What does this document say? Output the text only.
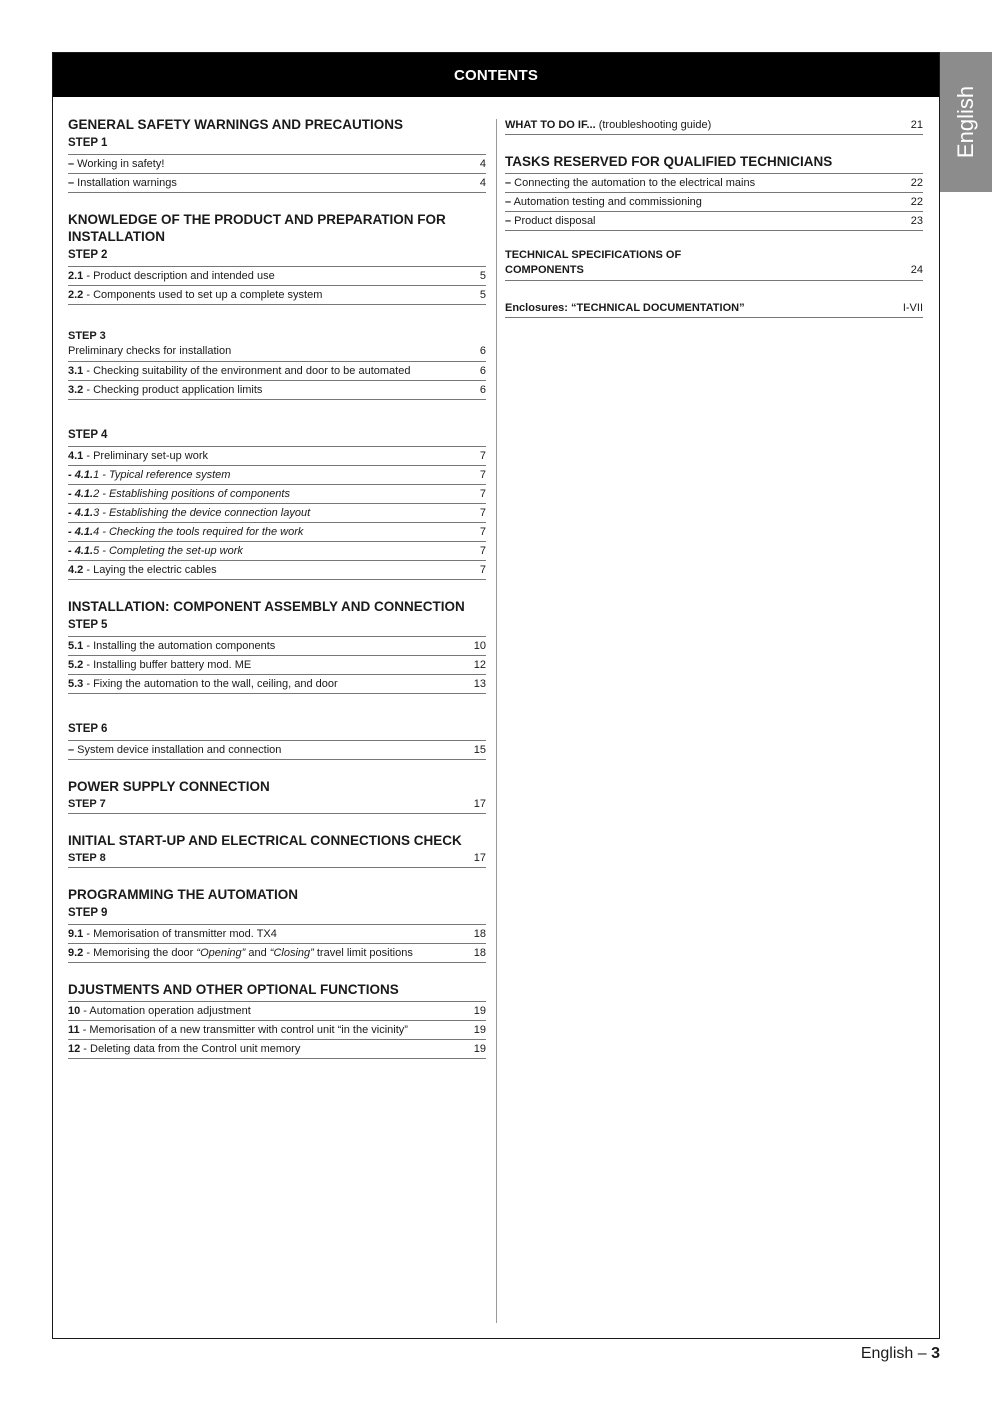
CONTENTS
English
GENERAL SAFETY WARNINGS AND PRECAUTIONS
STEP 1
– Working in safety!	4
– Installation warnings	4
KNOWLEDGE OF THE PRODUCT AND PREPARATION FOR INSTALLATION
STEP 2
2.1 - Product description and intended use	5
2.2 - Components used to set up a complete system	5
STEP 3
Preliminary checks for installation	6
3.1 - Checking suitability of the environment and door to be automated	6
3.2 - Checking product application limits	6
STEP 4
4.1 - Preliminary set-up work	7
- 4.1.1 - Typical reference system	7
- 4.1.2 - Establishing positions of components	7
- 4.1.3 - Establishing the device connection layout	7
- 4.1.4 - Checking the tools required for the work	7
- 4.1.5 - Completing the set-up work	7
4.2 - Laying the electric cables	7
INSTALLATION: COMPONENT ASSEMBLY AND CONNECTION
STEP 5
5.1 - Installing the automation components	10
5.2 - Installing buffer battery mod. ME	12
5.3 - Fixing the automation to the wall, ceiling, and door	13
STEP 6
– System device installation and connection	15
POWER SUPPLY CONNECTION
STEP 7	17
INITIAL START-UP AND ELECTRICAL CONNECTIONS CHECK
STEP 8	17
PROGRAMMING THE AUTOMATION
STEP 9
9.1 - Memorisation of transmitter mod. TX4	18
9.2 - Memorising the door “Opening” and “Closing” travel limit positions	18
DJUSTMENTS AND OTHER OPTIONAL FUNCTIONS
10 - Automation operation adjustment	19
11 - Memorisation of a new transmitter with control unit “in the vicinity”	19
12 - Deleting data from the Control unit memory	19
WHAT TO DO IF... (troubleshooting guide)	21
TASKS RESERVED FOR QUALIFIED TECHNICIANS
– Connecting the automation to the electrical mains	22
– Automation testing and commissioning	22
– Product disposal	23
TECHNICAL SPECIFICATIONS OF
COMPONENTS	24
Enclosures: “TECHNICAL DOCUMENTATION”	I-VII
English – 3
